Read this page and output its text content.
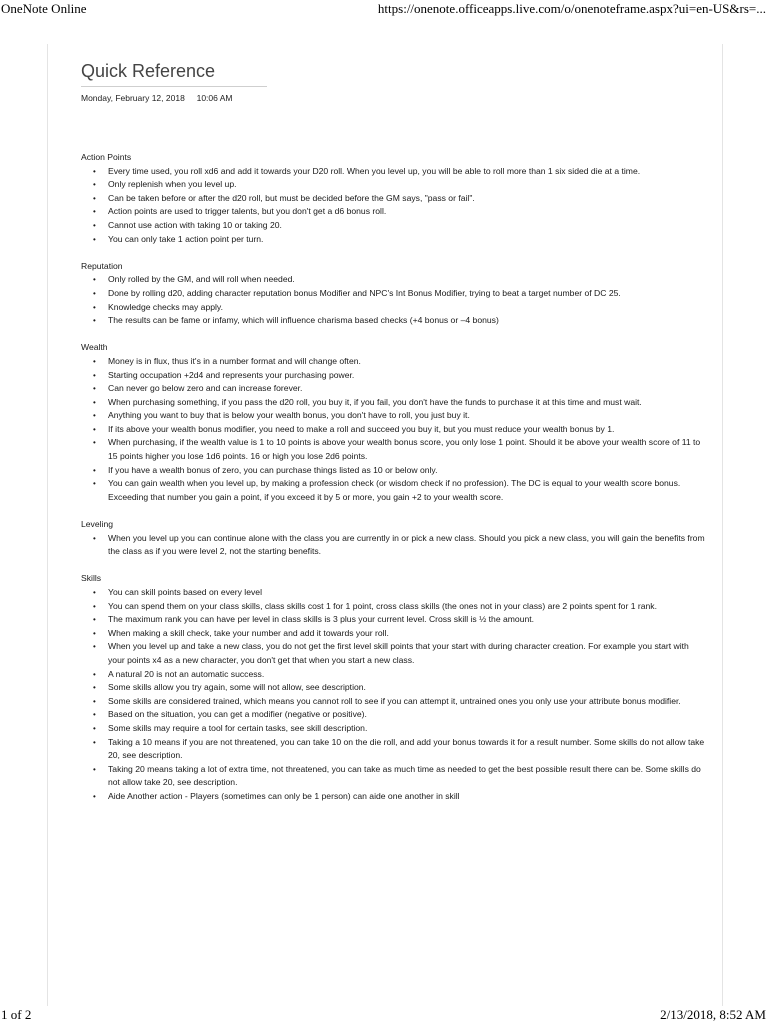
OneNote Online	https://onenote.officeapps.live.com/o/onenoteframe.aspx?ui=en-US&rs=...
Quick Reference
Monday, February 12, 2018     10:06 AM
Action Points
• Every time used, you roll xd6 and add it towards your D20 roll. When you level up, you will be able to roll more than 1 six sided die at a time.
• Only replenish when you level up.
• Can be taken before or after the d20 roll, but must be decided before the GM says, "pass or fail".
• Action points are used to trigger talents, but you don't get a d6 bonus roll.
• Cannot use action with taking 10 or taking 20.
• You can only take 1 action point per turn.
Reputation
• Only rolled by the GM, and will roll when needed.
• Done by rolling d20, adding character reputation bonus Modifier and NPC's Int Bonus Modifier, trying to beat a target number of DC 25.
• Knowledge checks may apply.
• The results can be fame or infamy, which will influence charisma based checks (+4 bonus or –4 bonus)
Wealth
• Money is in flux, thus it's in a number format and will change often.
• Starting occupation +2d4 and represents your purchasing power.
• Can never go below zero and can increase forever.
• When purchasing something, if you pass the d20 roll, you buy it, if you fail, you don't have the funds to purchase it at this time and must wait.
• Anything you want to buy that is below your wealth bonus, you don't have to roll, you just buy it.
• If its above your wealth bonus modifier, you need to make a roll and succeed you buy it, but you must reduce your wealth bonus by 1.
• When purchasing, if the wealth value is 1 to 10 points is above your wealth bonus score, you only lose 1 point. Should it be above your wealth score of 11 to 15 points higher you lose 1d6 points. 16 or high you lose 2d6 points.
• If you have a wealth bonus of zero, you can purchase things listed as 10 or below only.
• You can gain wealth when you level up, by making a profession check (or wisdom check if no profession). The DC is equal to your wealth score bonus. Exceeding that number you gain a point, if you exceed it by 5 or more, you gain +2 to your wealth score.
Leveling
• When you level up you can continue alone with the class you are currently in or pick a new class. Should you pick a new class, you will gain the benefits from the class as if you were level 2, not the starting benefits.
Skills
• You can skill points based on every level
• You can spend them on your class skills, class skills cost 1 for 1 point, cross class skills (the ones not in your class) are 2 points spent for 1 rank.
• The maximum rank you can have per level in class skills is 3 plus your current level. Cross skill is ½ the amount.
• When making a skill check, take your number and add it towards your roll.
• When you level up and take a new class, you do not get the first level skill points that your start with during character creation. For example you start with your points x4 as a new character, you don't get that when you start a new class.
• A natural 20 is not an automatic success.
• Some skills allow you try again, some will not allow, see description.
• Some skills are considered trained, which means you cannot roll to see if you can attempt it, untrained ones you only use your attribute bonus modifier.
• Based on the situation, you can get a modifier (negative or positive).
• Some skills may require a tool for certain tasks, see skill description.
• Taking a 10 means if you are not threatened, you can take 10 on the die roll, and add your bonus towards it for a result number. Some skills do not allow take 20, see description.
• Taking 20 means taking a lot of extra time, not threatened, you can take as much time as needed to get the best possible result there can be. Some skills do not allow take 20, see description.
• Aide Another action - Players (sometimes can only be 1 person) can aide one another in skill
1 of 2	2/13/2018, 8:52 AM
